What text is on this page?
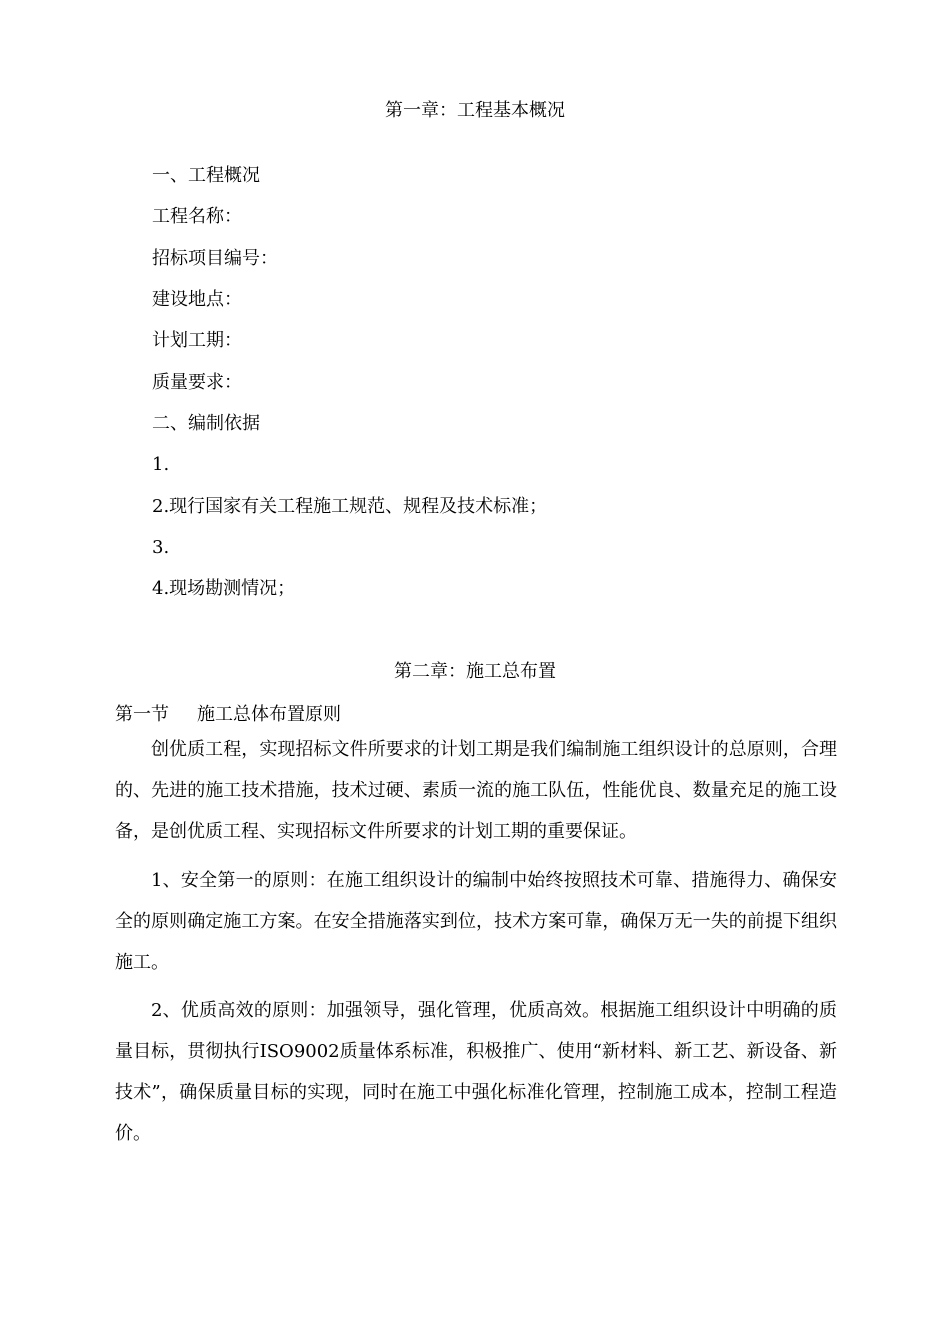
第一章：工程基本概况
一、工程概况
工程名称：
招标项目编号：
建设地点：
计划工期：
质量要求：
二、编制依据
1.
2.现行国家有关工程施工规范、规程及技术标准；
3.
4.现场勘测情况；
第二章：施工总布置
第一节 施工总体布置原则
创优质工程，实现招标文件所要求的计划工期是我们编制施工组织设计的总原则，合理的、先进的施工技术措施，技术过硬、素质一流的施工队伍，性能优良、数量充足的施工设备，是创优质工程、实现招标文件所要求的计划工期的重要保证。
1、安全第一的原则：在施工组织设计的编制中始终按照技术可靠、措施得力、确保安全的原则确定施工方案。在安全措施落实到位，技术方案可靠，确保万无一失的前提下组织施工。
2、优质高效的原则：加强领导，强化管理，优质高效。根据施工组织设计中明确的质量目标，贯彻执行ISO9002质量体系标准，积极推广、使用“新材料、新工艺、新设备、新技术”，确保质量目标的实现，同时在施工中强化标准化管理，控制施工成本，控制工程造价。
